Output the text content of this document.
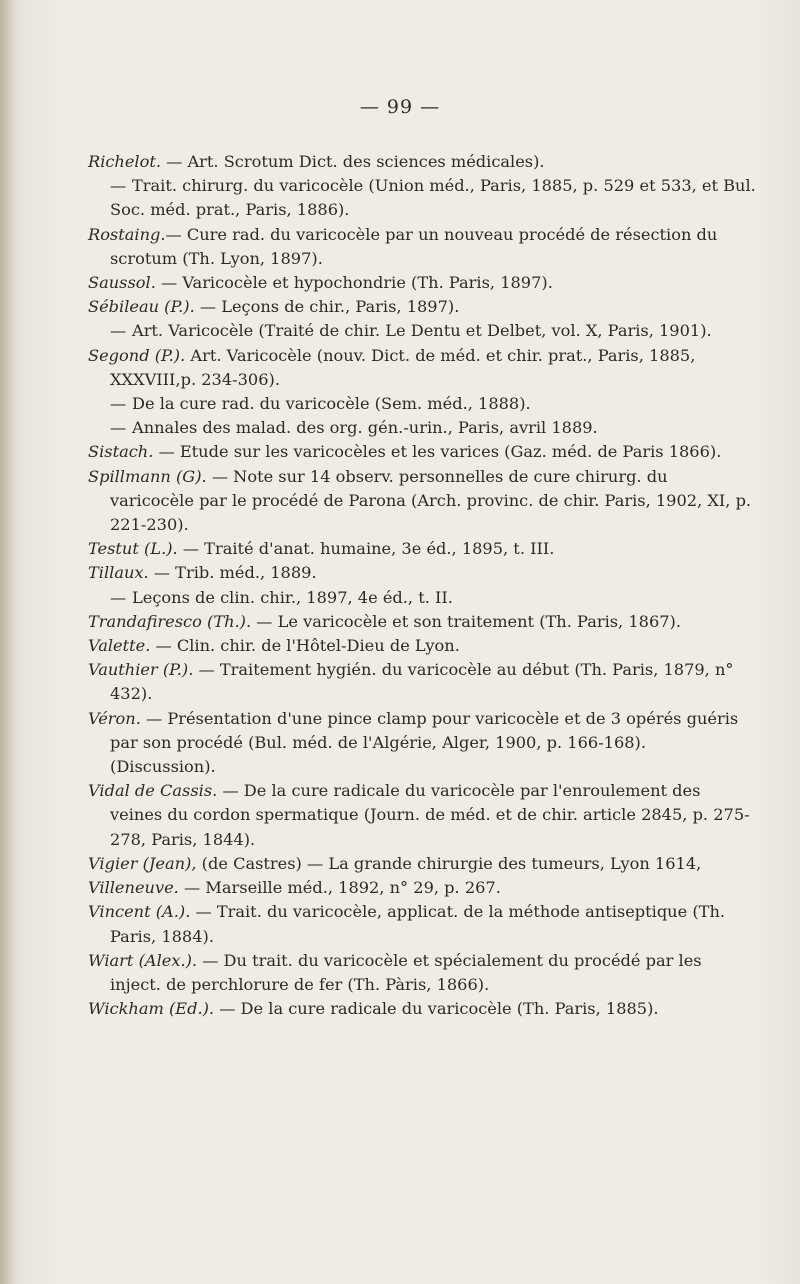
— 99 —

Richelot. — Art. Scrotum Dict. des sciences médicales).

— Trait. chirurg. du varicocèle (Union méd., Paris, 1885, p. 529 et 533, et Bul. Soc. méd. prat., Paris, 1886).

Rostaing.— Cure rad. du varicocèle par un nouveau procédé de résection du scrotum (Th. Lyon, 1897).

Saussol. — Varicocèle et hypochondrie (Th. Paris, 1897).

Sébileau (P.). — Leçons de chir., Paris, 1897).

— Art. Varicocèle (Traité de chir. Le Dentu et Delbet, vol. X, Paris, 1901).

Segond (P.). Art. Varicocèle (nouv. Dict. de méd. et chir. prat., Paris, 1885, XXXVIII,p. 234-306).

— De la cure rad. du varicocèle (Sem. méd., 1888).

— Annales des malad. des org. gén.-urin., Paris, avril 1889.

Sistach. — Etude sur les varicocèles et les varices (Gaz. méd. de Paris 1866).

Spillmann (G). — Note sur 14 observ. personnelles de cure chirurg. du varicocèle par le procédé de Parona (Arch. provinc. de chir. Paris, 1902, XI, p. 221-230).

Testut (L.). — Traité d'anat. humaine, 3e éd., 1895, t. III.

Tillaux. — Trib. méd., 1889.

— Leçons de clin. chir., 1897, 4e éd., t. II.

Trandafiresco (Th.). — Le varicocèle et son traitement (Th. Paris, 1867).

Valette. — Clin. chir. de l'Hôtel-Dieu de Lyon.

Vauthier (P.). — Traitement hygién. du varicocèle au début (Th. Paris, 1879, n° 432).

Véron. — Présentation d'une pince clamp pour varicocèle et de 3 opérés guéris par son procédé (Bul. méd. de l'Algérie, Alger, 1900, p. 166-168). (Discussion).

Vidal de Cassis. — De la cure radicale du varicocèle par l'enroulement des veines du cordon spermatique (Journ. de méd. et de chir. article 2845, p. 275-278, Paris, 1844).

Vigier (Jean), (de Castres) — La grande chirurgie des tumeurs, Lyon 1614,

Villeneuve. — Marseille méd., 1892, n° 29, p. 267.

Vincent (A.). — Trait. du varicocèle, applicat. de la méthode antiseptique (Th. Paris, 1884).

Wiart (Alex.). — Du trait. du varicocèle et spécialement du procédé par les inject. de perchlorure de fer (Th. Pàris, 1866).

Wickham (Ed.). — De la cure radicale du varicocèle (Th. Paris, 1885).
